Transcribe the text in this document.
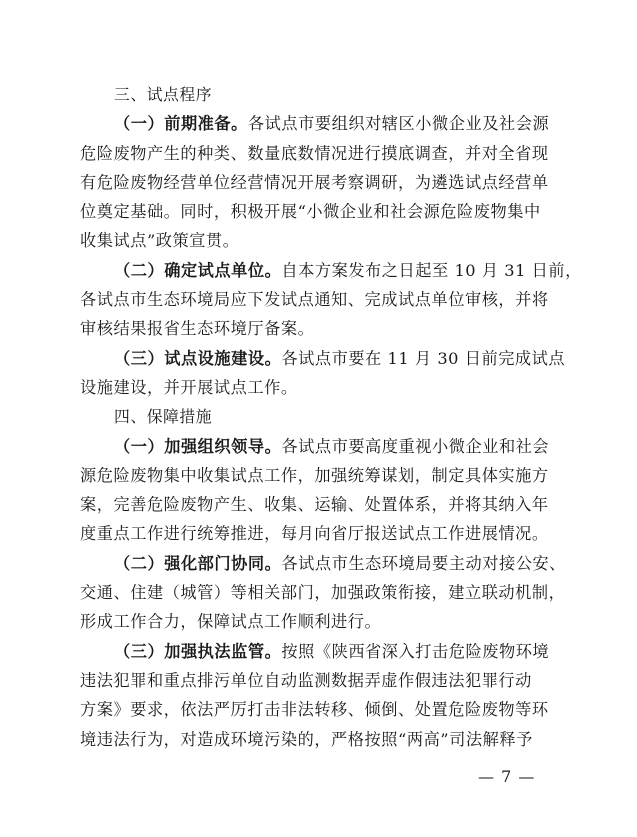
三、试点程序
（一）前期准备。各试点市要组织对辖区小微企业及社会源
危险废物产生的种类、数量底数情况进行摸底调查，并对全省现
有危险废物经营单位经营情况开展考察调研，为遴选试点经营单
位奠定基础。同时，积极开展“小微企业和社会源危险废物集中
收集试点”政策宣贯。
（二）确定试点单位。自本方案发布之日起至 10 月 31 日前，
各试点市生态环境局应下发试点通知、完成试点单位审核，并将
审核结果报省生态环境厅备案。
（三）试点设施建设。各试点市要在 11 月 30 日前完成试点
设施建设，并开展试点工作。
四、保障措施
（一）加强组织领导。各试点市要高度重视小微企业和社会
源危险废物集中收集试点工作，加强统筹谋划，制定具体实施方
案，完善危险废物产生、收集、运输、处置体系，并将其纳入年
度重点工作进行统筹推进，每月向省厅报送试点工作进展情况。
（二）强化部门协同。各试点市生态环境局要主动对接公安、
交通、住建（城管）等相关部门，加强政策衔接，建立联动机制，
形成工作合力，保障试点工作顺利进行。
（三）加强执法监管。按照《陕西省深入打击危险废物环境
违法犯罪和重点排污单位自动监测数据弄虚作假违法犯罪行动
方案》要求，依法严厉打击非法转移、倾倒、处置危险废物等环
境违法行为，对造成环境污染的，严格按照“两高”司法解释予
— 7 —
